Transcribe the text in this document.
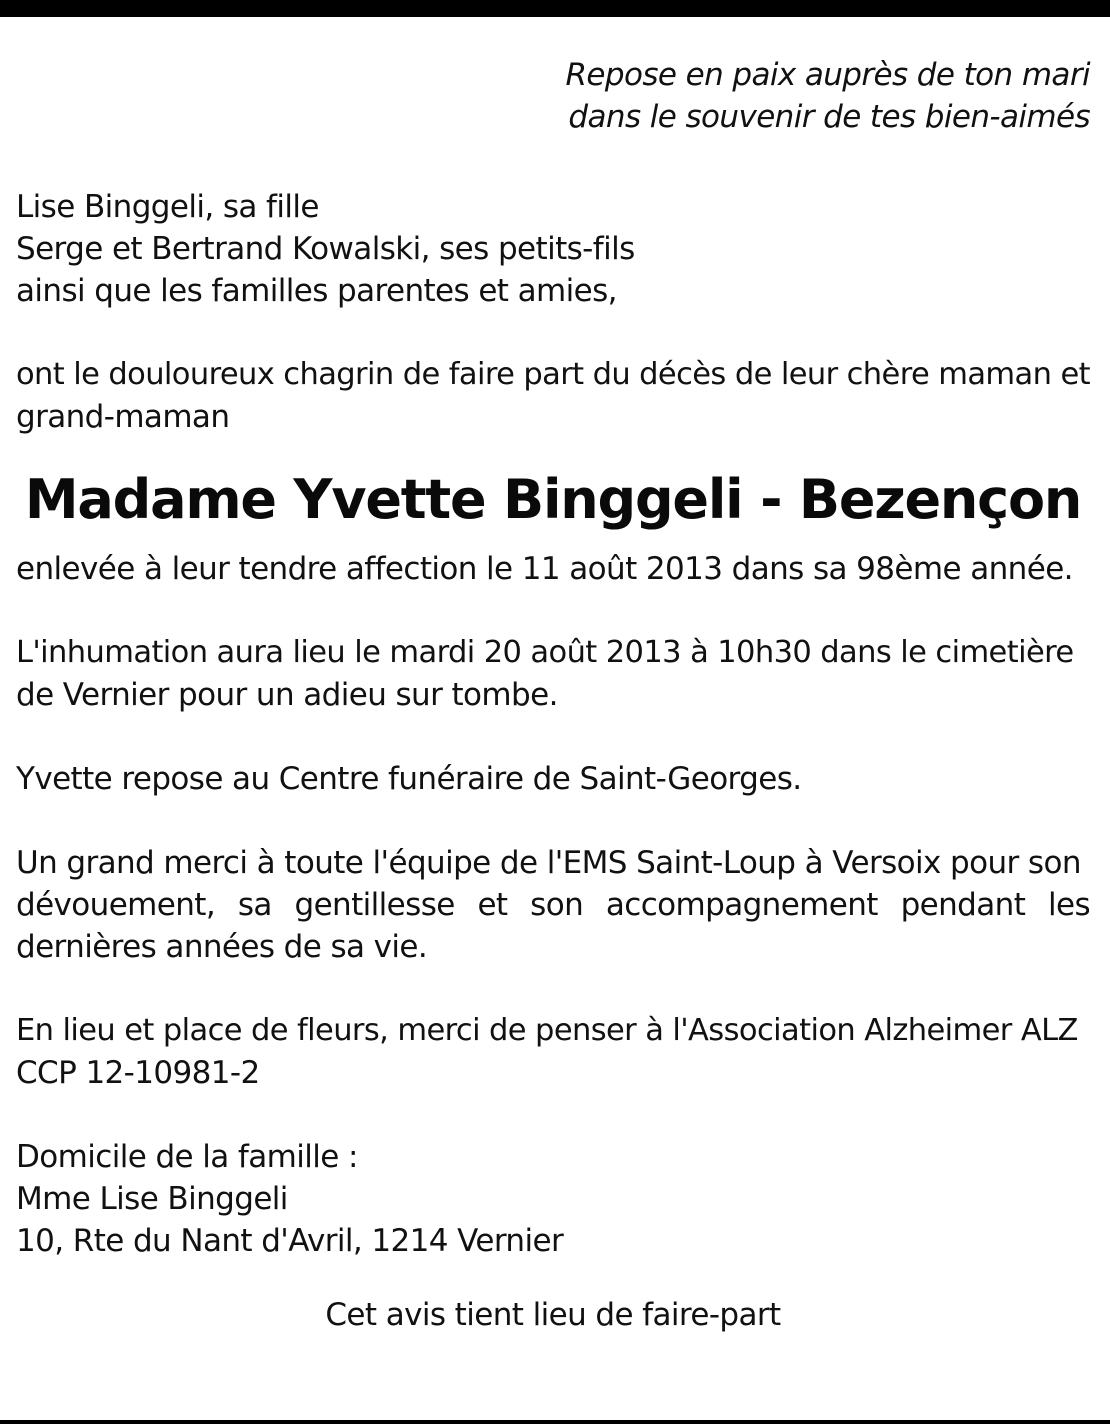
Repose en paix auprès de ton mari
dans le souvenir de tes bien-aimés
Lise Binggeli, sa fille
Serge et Bertrand Kowalski, ses petits-fils
ainsi que les familles parentes et amies,
ont le douloureux chagrin de faire part du décès de leur chère maman et
grand-maman
Madame Yvette Binggeli - Bezençon
enlevée à leur tendre affection le 11 août 2013 dans sa 98ème année.
L'inhumation aura lieu le mardi 20 août 2013 à 10h30 dans le cimetière
de Vernier pour un adieu sur tombe.
Yvette repose au Centre funéraire de Saint-Georges.
Un grand merci à toute l'équipe de l'EMS Saint-Loup à Versoix pour son
dévouement, sa gentillesse et son accompagnement pendant les
dernières années de sa vie.
En lieu et place de fleurs, merci de penser à l'Association Alzheimer ALZ
CCP 12-10981-2
Domicile de la famille :
Mme Lise Binggeli
10, Rte du Nant d'Avril, 1214 Vernier
Cet avis tient lieu de faire-part
